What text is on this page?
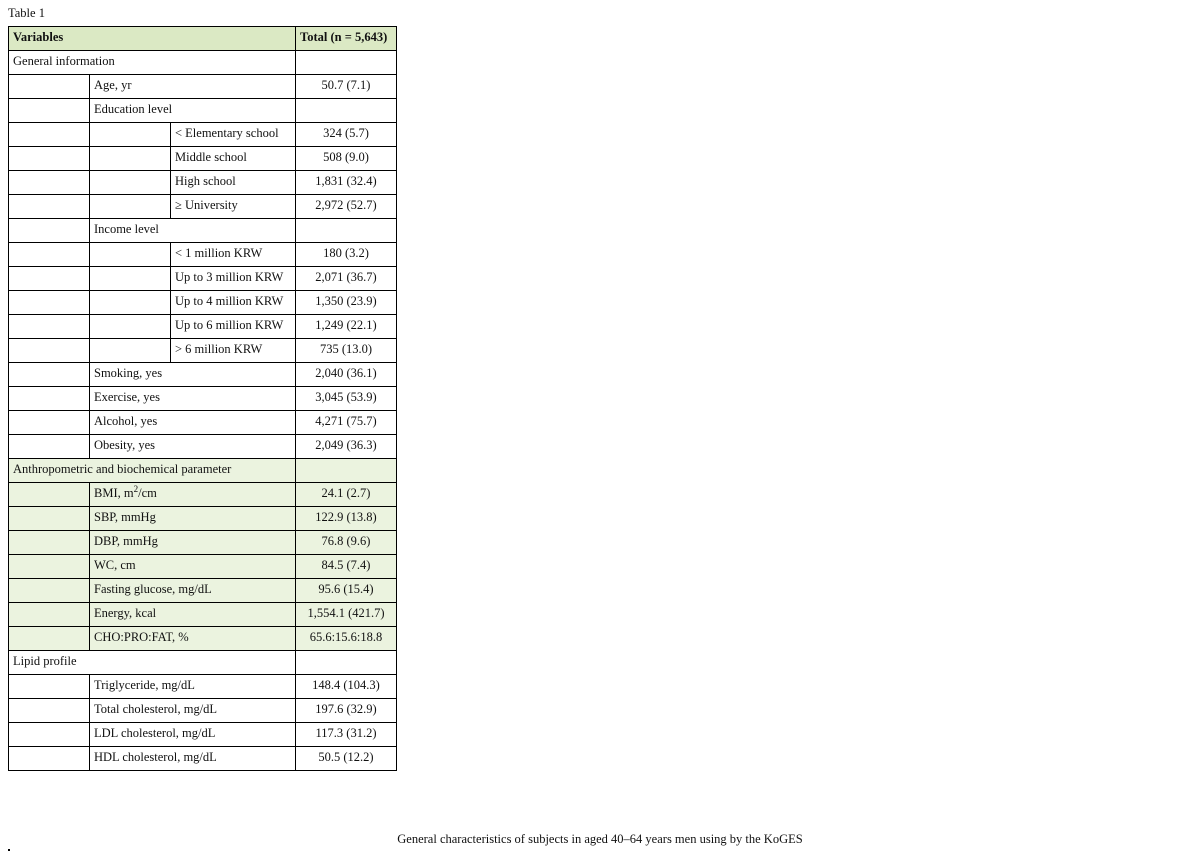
Table 1
Variables			Total (n = 5,643)
General information			
	Age, yr		50.7 (7.1)
	Education level		
		< Elementary school	324 (5.7)
		Middle school	508 (9.0)
		High school	1,831 (32.4)
		≥ University	2,972 (52.7)
	Income level		
		< 1 million KRW	180 (3.2)
		Up to 3 million KRW	2,071 (36.7)
		Up to 4 million KRW	1,350 (23.9)
		Up to 6 million KRW	1,249 (22.1)
		> 6 million KRW	735 (13.0)
	Smoking, yes		2,040 (36.1)
	Exercise, yes		3,045 (53.9)
	Alcohol, yes		4,271 (75.7)
	Obesity, yes		2,049 (36.3)
Anthropometric and biochemical parameter			
	BMI, $m^2/cm$		24.1 (2.7)
	SBP, mmHg		122.9 (13.8)
	DBP, mmHg		76.8 (9.6)
	WC, cm		84.5 (7.4)
	Fasting glucose, mg/dL		95.6 (15.4)
	Energy, kcal		1,554.1 (421.7)
	CHO:PRO:FAT, %		65.6:15.6:18.8
Lipid profile			
	Triglyceride, mg/dL		148.4 (104.3)
	Total cholesterol, mg/dL		197.6 (32.9)
	LDL cholesterol, mg/dL		117.3 (31.2)
	HDL cholesterol, mg/dL		50.5 (12.2)
General characteristics of subjects in aged 40–64 years men using by the KoGES
